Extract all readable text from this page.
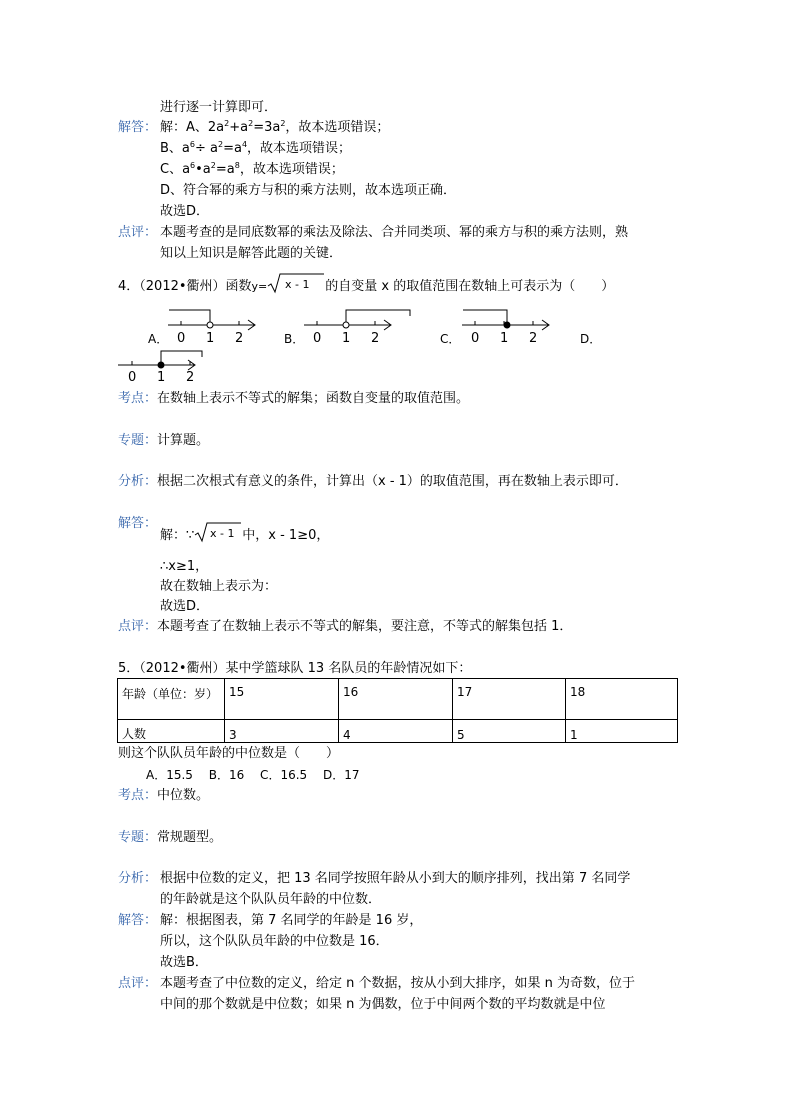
进行逐一计算即可．
解答： 解：A、$2a^2+a^2=3a^2$，故本选项错误；
B、$a^6\div a^2=a^4$，故本选项错误；
C、$a^6•a^2=a^8$，故本选项错误；
D、符合幂的乘方与积的乘方法则，故本选项正确．
故选D．
点评： 本题考查的是同底数幂的乘法及除法、合并同类项、幂的乘方与积的乘方法则，熟
知以上知识是解答此题的关键．
4．（2012•衢州）函数y= x - 1 的自变量 x 的取值范围在数轴上可表示为（　　）
A． 0 1 2	B． 0 1 2	C． 0 1 2	D．
0 1 2
考点：在数轴上表示不等式的解集；函数自变量的取值范围。
专题：计算题。
分析：根据二次根式有意义的条件，计算出（x - 1）的取值范围，再在数轴上表示即可．
解答：
解：∵ x - 1 中，x - 1≥0，
∴x≥1，
故在数轴上表示为：
故选D．
点评：本题考查了在数轴上表示不等式的解集，要注意，不等式的解集包括 1．
5．（2012•衢州）某中学篮球队 13 名队员的年龄情况如下：
年龄（单位：岁）	15	16	17	18
人数	3	4	5	1
则这个队队员年龄的中位数是（　　）
A．15.5　 B．16　 C．16.5　 D．17
考点：中位数。
专题：常规题型。
分析： 根据中位数的定义，把 13 名同学按照年龄从小到大的顺序排列，找出第 7 名同学
的年龄就是这个队队员年龄的中位数．
解答： 解：根据图表，第 7 名同学的年龄是 16 岁，
所以，这个队队员年龄的中位数是 16．
故选B．
点评： 本题考查了中位数的定义，给定 n 个数据，按从小到大排序，如果 n 为奇数，位于
中间的那个数就是中位数；如果 n 为偶数，位于中间两个数的平均数就是中位
